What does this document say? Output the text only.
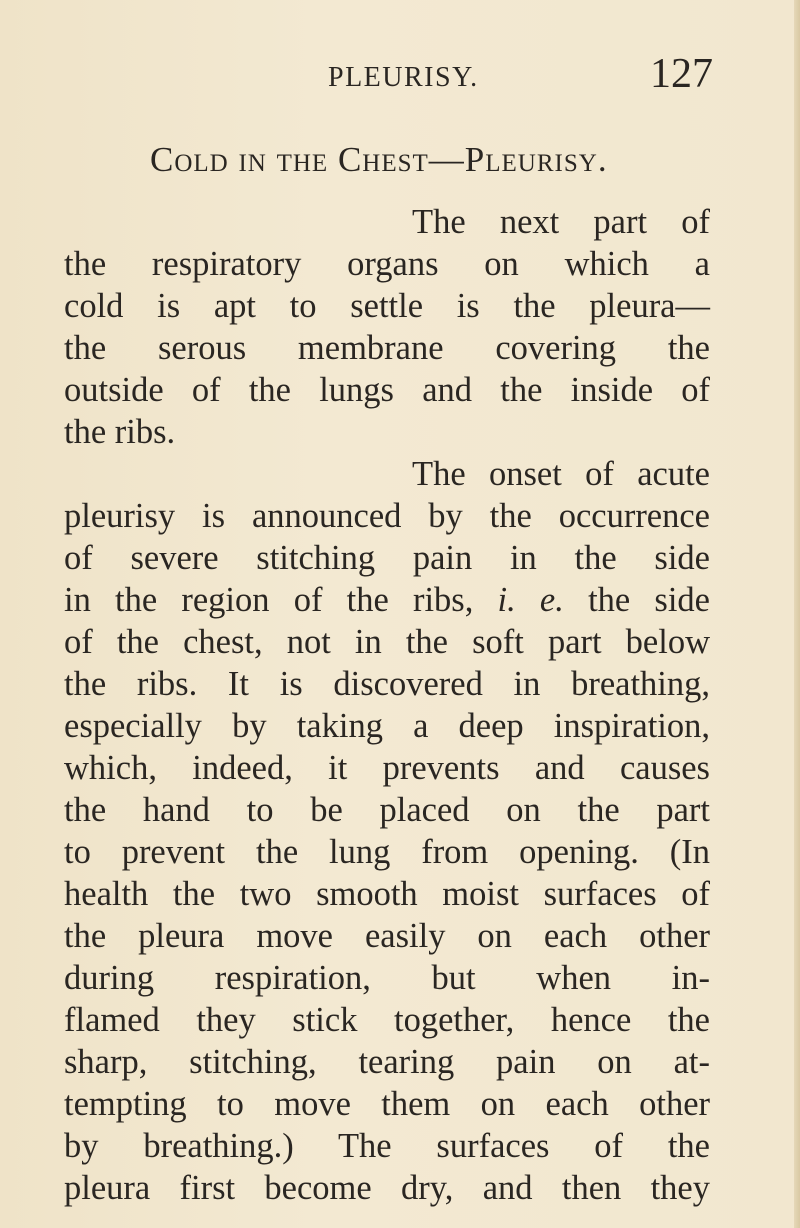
PLEURISY.	127
Cold in the Chest—Pleurisy.
The next part of
the respiratory organs on which a
cold is apt to settle is the pleura—
the serous membrane covering the
outside of the lungs and the inside of
the ribs.
The onset of acute
pleurisy is announced by the occurrence
of severe stitching pain in the side
in the region of the ribs, i. e. the side
of the chest, not in the soft part below
the ribs. It is discovered in breathing,
especially by taking a deep inspiration,
which, indeed, it prevents and causes
the hand to be placed on the part
to prevent the lung from opening. (In
health the two smooth moist surfaces of
the pleura move easily on each other
during respiration, but when in-
flamed they stick together, hence the
sharp, stitching, tearing pain on at-
tempting to move them on each other
by breathing.) The surfaces of the
pleura first become dry, and then they
